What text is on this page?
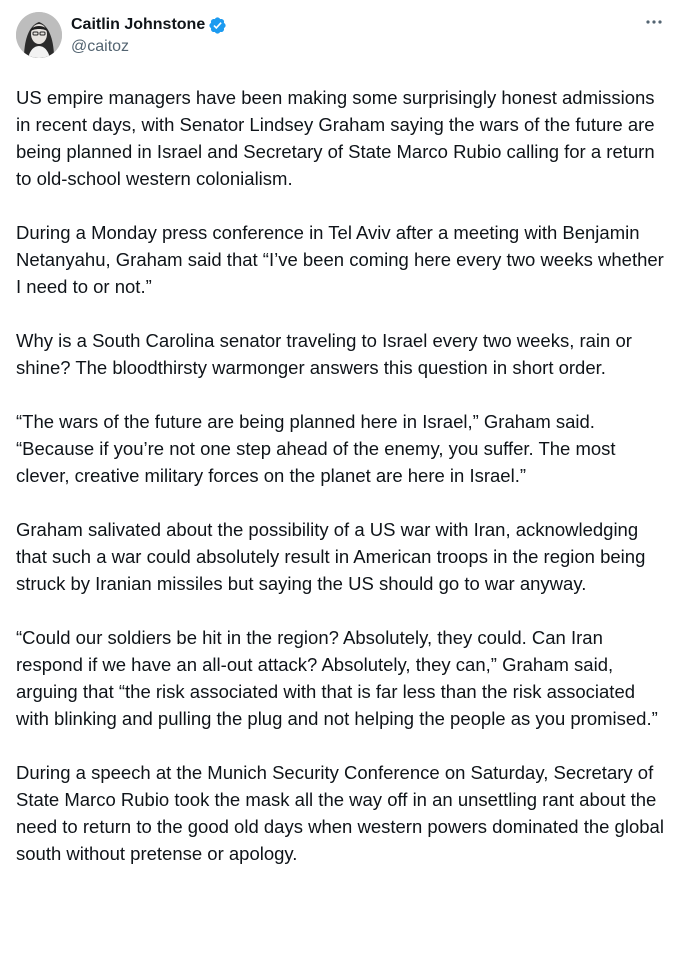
Caitlin Johnstone
@caitoz

US empire managers have been making some surprisingly honest admissions in recent days, with Senator Lindsey Graham saying the wars of the future are being planned in Israel and Secretary of State Marco Rubio calling for a return to old-school western colonialism.

During a Monday press conference in Tel Aviv after a meeting with Benjamin Netanyahu, Graham said that “I’ve been coming here every two weeks whether I need to or not.”

Why is a South Carolina senator traveling to Israel every two weeks, rain or shine? The bloodthirsty warmonger answers this question in short order.

“The wars of the future are being planned here in Israel,” Graham said. “Because if you’re not one step ahead of the enemy, you suffer. The most clever, creative military forces on the planet are here in Israel.”

Graham salivated about the possibility of a US war with Iran, acknowledging that such a war could absolutely result in American troops in the region being struck by Iranian missiles but saying the US should go to war anyway.

“Could our soldiers be hit in the region? Absolutely, they could. Can Iran respond if we have an all-out attack? Absolutely, they can,” Graham said, arguing that “the risk associated with that is far less than the risk associated with blinking and pulling the plug and not helping the people as you promised.”

During a speech at the Munich Security Conference on Saturday, Secretary of State Marco Rubio took the mask all the way off in an unsettling rant about the need to return to the good old days when western powers dominated the global south without pretense or apology.
